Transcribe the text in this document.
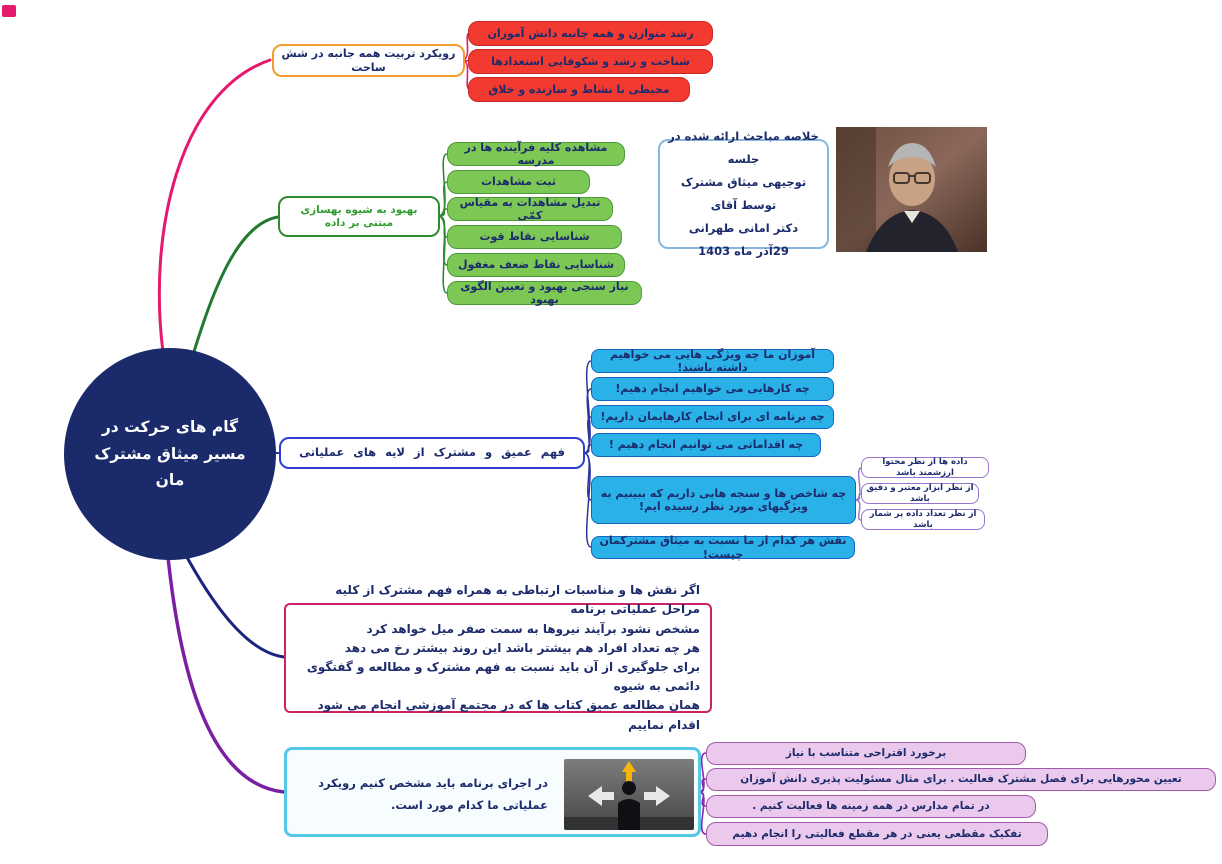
گام های حرکت در مسیر میثاق مشترک مان
رویکرد تربیت همه جانبه در شش ساحت
رشد متوازن و همه جانبه دانش آموزان
شناخت و رشد و شکوفایی استعدادها
محیطی با نشاط و سازنده و خلاق
بهبود به شیوه بهسازی مبتنی بر داده
مشاهده کلیه فرآینده ها در مدرسه
ثبت مشاهدات
تبدیل مشاهدات به مقیاس کمّی
شناسایی نقاط قوت
شناسایی نقاط ضعف مغفول
نیاز سنجی بهبود و تعیین الگوی بهبود
خلاصه مباحث ارائه شده در جلسه
توجیهی میثاق مشترک توسط آقای
دکتر امانی طهرانی
29آذر ماه 1403
فهم عمیق و مشترک از لایه های عملیاتی
آموزان ما چه ویژگی هایی می خواهیم داشته باشند!
چه کارهایی می خواهیم انجام دهیم!
چه برنامه ای برای انجام کارهایمان داریم!
چه اقداماتی می توانیم انجام دهیم !
چه شاخص ها و سنجه هایی داریم که ببینیم به ویژگیهای مورد نظر رسیده ایم!
داده ها از نظر محتوا ارزشمند باشد
از نظر ابزار معتبر و دقیق باشد
از نظر تعداد داده پر شمار باشد
نقش هر کدام از ما نسبت به میثاق مشترکمان چیست!
اگر نقش ها و مناسبات ارتباطی به همراه فهم مشترک از کلیه مراحل عملیاتی برنامه
مشخص نشود برآیند نیروها به سمت صفر میل خواهد کرد
هر چه تعداد افراد هم بیشتر باشد این روند بیشتر رخ می دهد
برای جلوگیری از آن باید نسبت به فهم مشترک و مطالعه و گفتگوی دائمی به شیوه
همان مطالعه عمیق کتاب ها که در مجتمع آموزشی انجام می شود اقدام نماییم
در اجرای برنامه باید مشخص کنیم رویکرد عملیاتی ما کدام مورد است.
برخورد اقتراحی متناسب با نیاز
تعیین محورهایی برای فصل مشترک فعالیت . برای مثال مسئولیت پذیری دانش آموزان
در تمام مدارس در همه زمینه ها فعالیت کنیم .
تفکیک مقطعی یعنی در هر مقطع فعالیتی را انجام دهیم
